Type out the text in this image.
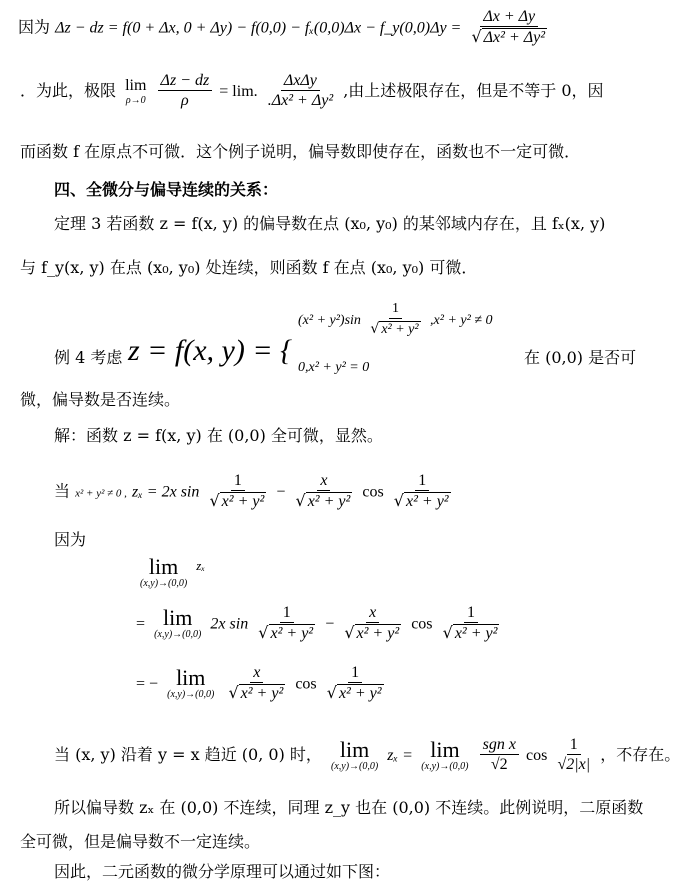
因为 Δz − dz = f(0 + Δx, 0 + Δy) − f(0,0) − fₓ(0,0)Δx − f_y(0,0)Δy = $\frac{\Delta x + \Delta y}{\text{√ Δx² + Δy²}}$
．为此，极限 lim
ρ→0
$\frac{\Delta z - dz}{\rho} = \lim$. $\frac{\text{ΔxΔy}}{\text{.Δx² + Δy²}}$ ,由上述极限存在，但是不等于 0，因
而函数 f 在原点不可微．这个例子说明，偏导数即使存在，函数也不一定可微．
四、全微分与偏导连续的关系：
定理 3 若函数 z = f(x, y) 的偏导数在点 (x₀, y₀) 的某邻域内存在，且 fₓ(x, y)
与 f_y(x, y) 在点 (x₀, y₀) 处连续，则函数 f 在点 (x₀, y₀) 可微．
例 4 考虑 z = f(x, y) = {
$(x^2 + y^2)\sin \frac{1}{\text{√ x² + y²}} ,x^2 + y^2 \ne 0$
0,x² + y² = 0
在 (0,0) 是否可
微，偏导数是否连续。
解：函数 z = f(x, y) 在 (0,0) 全可微，显然。
当 x² + y² ≠ 0 , zₓ = 2x $\sin \frac{1}{\text{√ x² + y²}} - \frac{x}{\text{√ x² + y²}}$ $\cos \frac{1}{\text{√ x² + y²}}$
因为
lim
(x,y)→(0,0)
$^{z_x}$
= lim
(x,y)→(0,0)
2x $\sin \frac{1}{\text{√ x² + y²}} - \frac{x}{\text{√ x² + y²}}$ $\cos \frac{1}{\text{√ x² + y²}}$
= − lim
(x,y)→(0,0)
$\frac{x}{\text{√ x² + y²}}$ $\cos \frac{1}{\text{√ x² + y²}}$
当 (x, y) 沿着 y = x 趋近 (0, 0) 时， lim
(x,y)→(0,0)
zₓ = lim
(x,y)→(0,0)
$\frac{\text{sgn x}}{√2}$ $\cos \frac{1}{√2|x|}$ ，不存在。
所以偏导数 zₓ 在 (0,0) 不连续，同理 z_y 也在 (0,0) 不连续。此例说明，二原函数
全可微，但是偏导数不一定连续。
因此，二元函数的微分学原理可以通过如下图：
